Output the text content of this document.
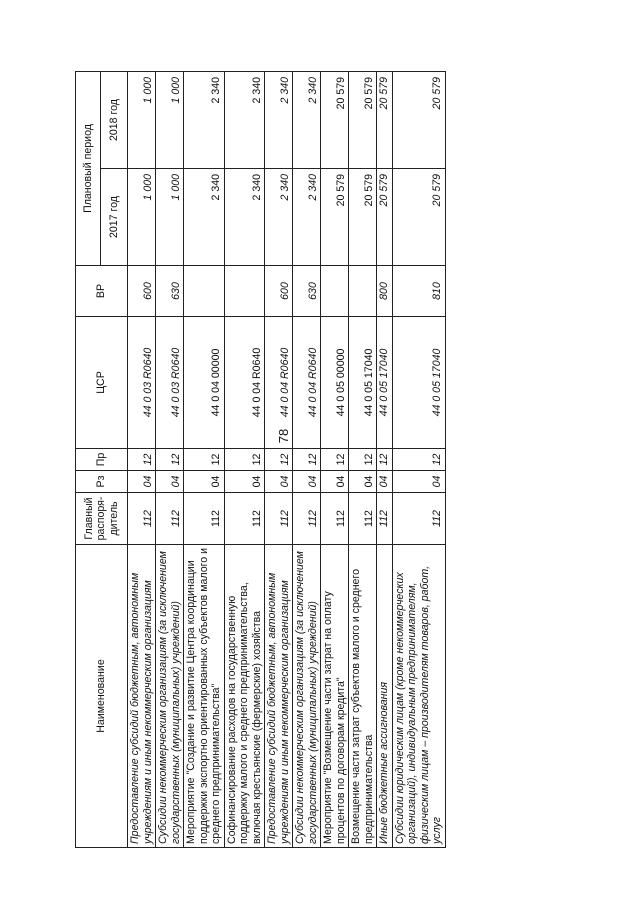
78
Наименование	Главный распоря-дитель	Рз	Пр	ЦСР	ВР	Плановый период	
						2017 год	2018 год
Предоставление субсидий бюджетным, автономным учреждениям и иным некоммерческим организациям	112	04	12	44 0 03 R0640	600	1 000	1 000
Субсидии некоммерческим организациям (за исключением государственных (муниципальных) учреждений)	112	04	12	44 0 03 R0640	630	1 000	1 000
Мероприятие "Создание и развитие Центра координации поддержки экспортно ориентированных субъектов малого и среднего предпринимательства"	112	04	12	44 0 04 00000		2 340	2 340
Софинансирование расходов на государственную поддержку малого и среднего предпринимательства, включая крестьянские (фермерские) хозяйства	112	04	12	44 0 04 R0640		2 340	2 340
Предоставление субсидий бюджетным, автономным учреждениям и иным некоммерческим организациям	112	04	12	44 0 04 R0640	600	2 340	2 340
Субсидии некоммерческим организациям (за исключением государственных (муниципальных) учреждений)	112	04	12	44 0 04 R0640	630	2 340	2 340
Мероприятие "Возмещение части затрат на оплату процентов по договорам кредита"	112	04	12	44 0 05 00000		20 579	20 579
Возмещение части затрат субъектов малого и среднего предпринимательства	112	04	12	44 0 05 17040		20 579	20 579
Иные бюджетные ассигнования	112	04	12	44 0 05 17040	800	20 579	20 579
Субсидии юридическим лицам (кроме некоммерческих организаций), индивидуальным предпринимателям, физическим лицам – производителям товаров, работ, услуг	112	04	12	44 0 05 17040	810	20 579	20 579
